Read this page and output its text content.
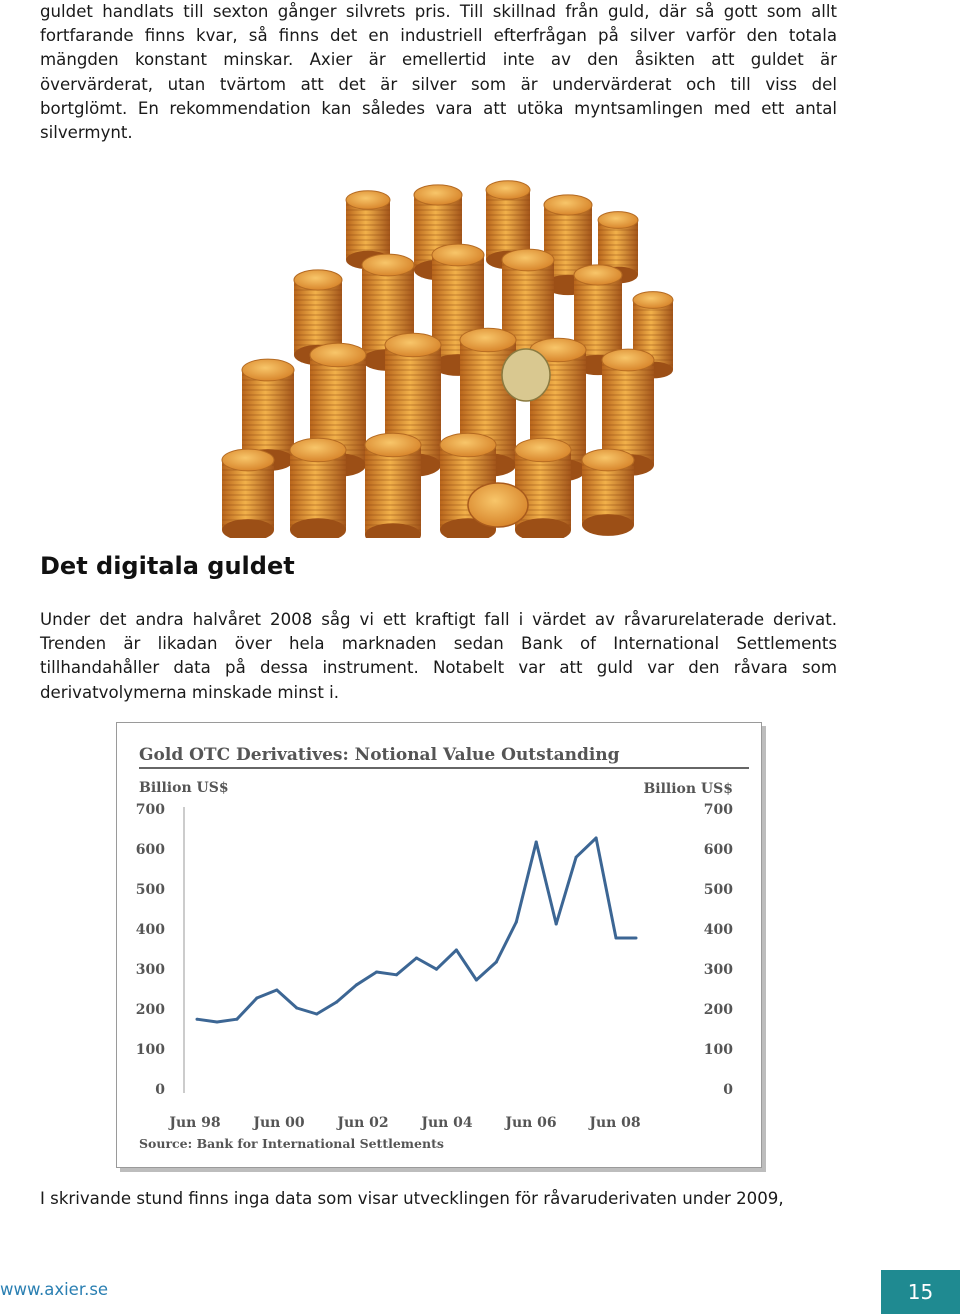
guldet handlats till sexton gånger silvrets pris. Till skillnad från guld, där så gott som allt
fortfarande finns kvar, så finns det en industriell efterfrågan på silver varför den totala
mängden konstant minskar. Axier är emellertid inte av den åsikten att guldet är
övervärderat, utan tvärtom att det är silver som är undervärderat och till viss del
bortglömt. En rekommendation kan således vara att utöka myntsamlingen med ett antal
silvermynt.
Det digitala guldet
Under det andra halvåret 2008 såg vi ett kraftigt fall i värdet av råvarurelaterade derivat.
Trenden är likadan över hela marknaden sedan Bank of International Settlements
tillhandahåller data på dessa instrument. Notabelt var att guld var den råvara som
derivatvolymerna minskade minst i.
Gold OTC Derivatives: Notional Value Outstanding
Billion US$	Billion US$
0
100
200
300
400
500
600
700
0
100
200
300
400
500
600
700
Jun 98 Jun 00 Jun 02 Jun 04 Jun 06 Jun 08
Source: Bank for International Settlements
I skrivande stund finns inga data som visar utvecklingen för råvaruderivaten under 2009,
www.axier.se	15
